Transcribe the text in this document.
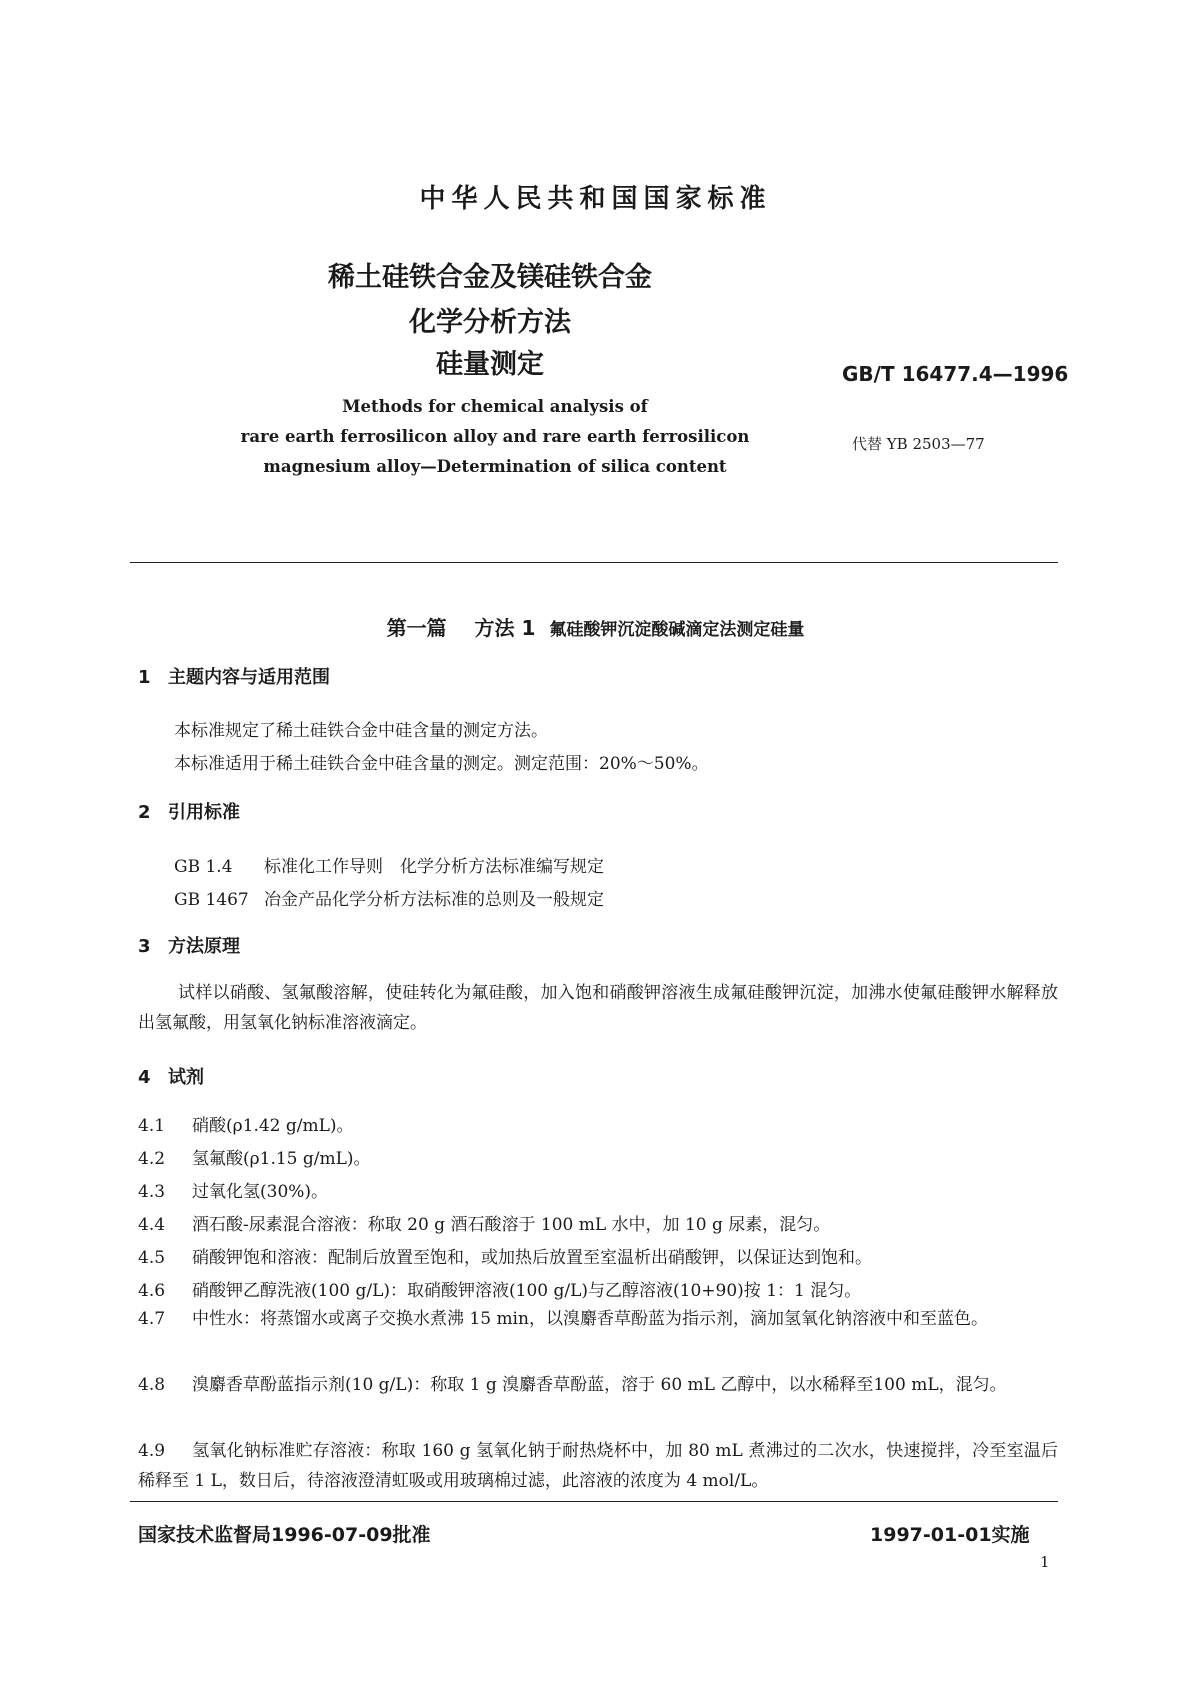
中华人民共和国国家标准
稀土硅铁合金及镁硅铁合金
化学分析方法
硅量测定	GB/T 16477.4—1996
代替 YB 2503—77
Methods for chemical analysis of
rare earth ferrosilicon alloy and rare earth ferrosilicon
magnesium alloy—Determination of silica content
第一篇 方法 1 氟硅酸钾沉淀酸碱滴定法测定硅量
1 主题内容与适用范围
本标准规定了稀土硅铁合金中硅含量的测定方法。
本标准适用于稀土硅铁合金中硅含量的测定。测定范围：20%～50%。
2 引用标准
GB 1.4 标准化工作导则　化学分析方法标准编写规定
GB 1467 冶金产品化学分析方法标准的总则及一般规定
3 方法原理
试样以硝酸、氢氟酸溶解，使硅转化为氟硅酸，加入饱和硝酸钾溶液生成氟硅酸钾沉淀，加沸水使氟硅酸钾水解释放出氢氟酸，用氢氧化钠标准溶液滴定。
4 试剂
4.1 硝酸(ρ1.42 g/mL)。
4.2 氢氟酸(ρ1.15 g/mL)。
4.3 过氧化氢(30%)。
4.4 酒石酸-尿素混合溶液：称取 20 g 酒石酸溶于 100 mL 水中，加 10 g 尿素，混匀。
4.5 硝酸钾饱和溶液：配制后放置至饱和，或加热后放置至室温析出硝酸钾，以保证达到饱和。
4.6 硝酸钾乙醇洗液(100 g/L)：取硝酸钾溶液(100 g/L)与乙醇溶液(10+90)按 1：1 混匀。
4.7 中性水：将蒸馏水或离子交换水煮沸 15 min，以溴麝香草酚蓝为指示剂，滴加氢氧化钠溶液中和至蓝色。
4.8 溴麝香草酚蓝指示剂(10 g/L)：称取 1 g 溴麝香草酚蓝，溶于 60 mL 乙醇中，以水稀释至100 mL，混匀。
4.9 氢氧化钠标准贮存溶液：称取 160 g 氢氧化钠于耐热烧杯中，加 80 mL 煮沸过的二次水，快速搅拌，冷至室温后稀释至 1 L，数日后，待溶液澄清虹吸或用玻璃棉过滤，此溶液的浓度为 4 mol/L。
国家技术监督局1996-07-09批准	1997-01-01实施
1
